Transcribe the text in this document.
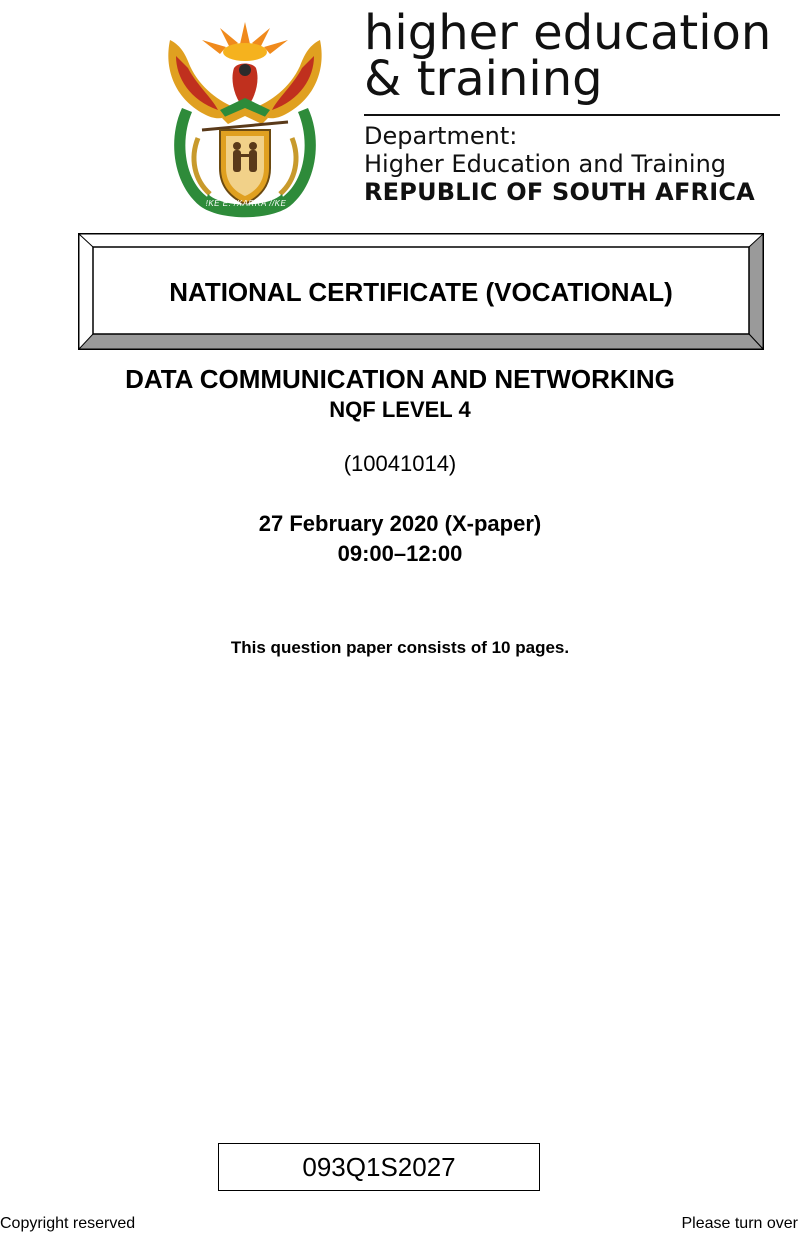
!KE E: /XARRA //KE
higher education
& training
Department:
Higher Education and Training
REPUBLIC OF SOUTH AFRICA
NATIONAL CERTIFICATE (VOCATIONAL)
DATA COMMUNICATION AND NETWORKING
NQF LEVEL 4
(10041014)
27 February 2020 (X-paper)
09:00–12:00
This question paper consists of 10 pages.
093Q1S2027
Copyright reserved	Please turn over
